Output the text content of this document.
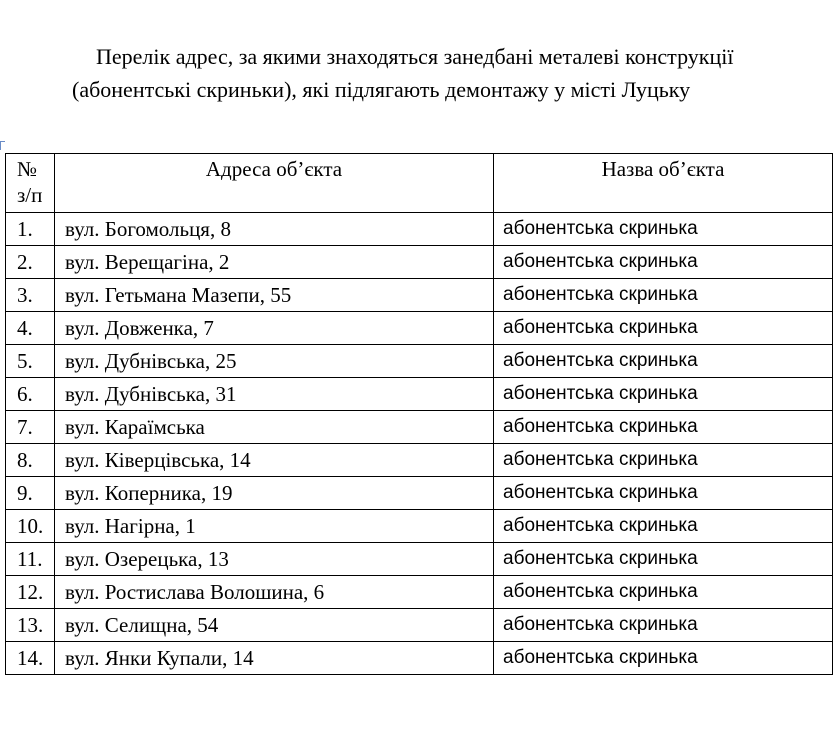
Перелік адрес, за якими знаходяться занедбані металеві конструкції
(абонентські скриньки), які підлягають демонтажу у місті Луцьку
№
з/п	Адреса об’єкта	Назва об’єкта
1.	вул. Богомольця, 8	абонентська скринька
2.	вул. Верещагіна, 2	абонентська скринька
3.	вул. Гетьмана Мазепи, 55	абонентська скринька
4.	вул. Довженка, 7	абонентська скринька
5.	вул. Дубнівська, 25	абонентська скринька
6.	вул. Дубнівська, 31	абонентська скринька
7.	вул. Караїмська	абонентська скринька
8.	вул. Ківерцівська, 14	абонентська скринька
9.	вул. Коперника, 19	абонентська скринька
10.	вул. Нагірна, 1	абонентська скринька
11.	вул. Озерецька, 13	абонентська скринька
12.	вул. Ростислава Волошина, 6	абонентська скринька
13.	вул. Селищна, 54	абонентська скринька
14.	вул. Янки Купали, 14	абонентська скринька
